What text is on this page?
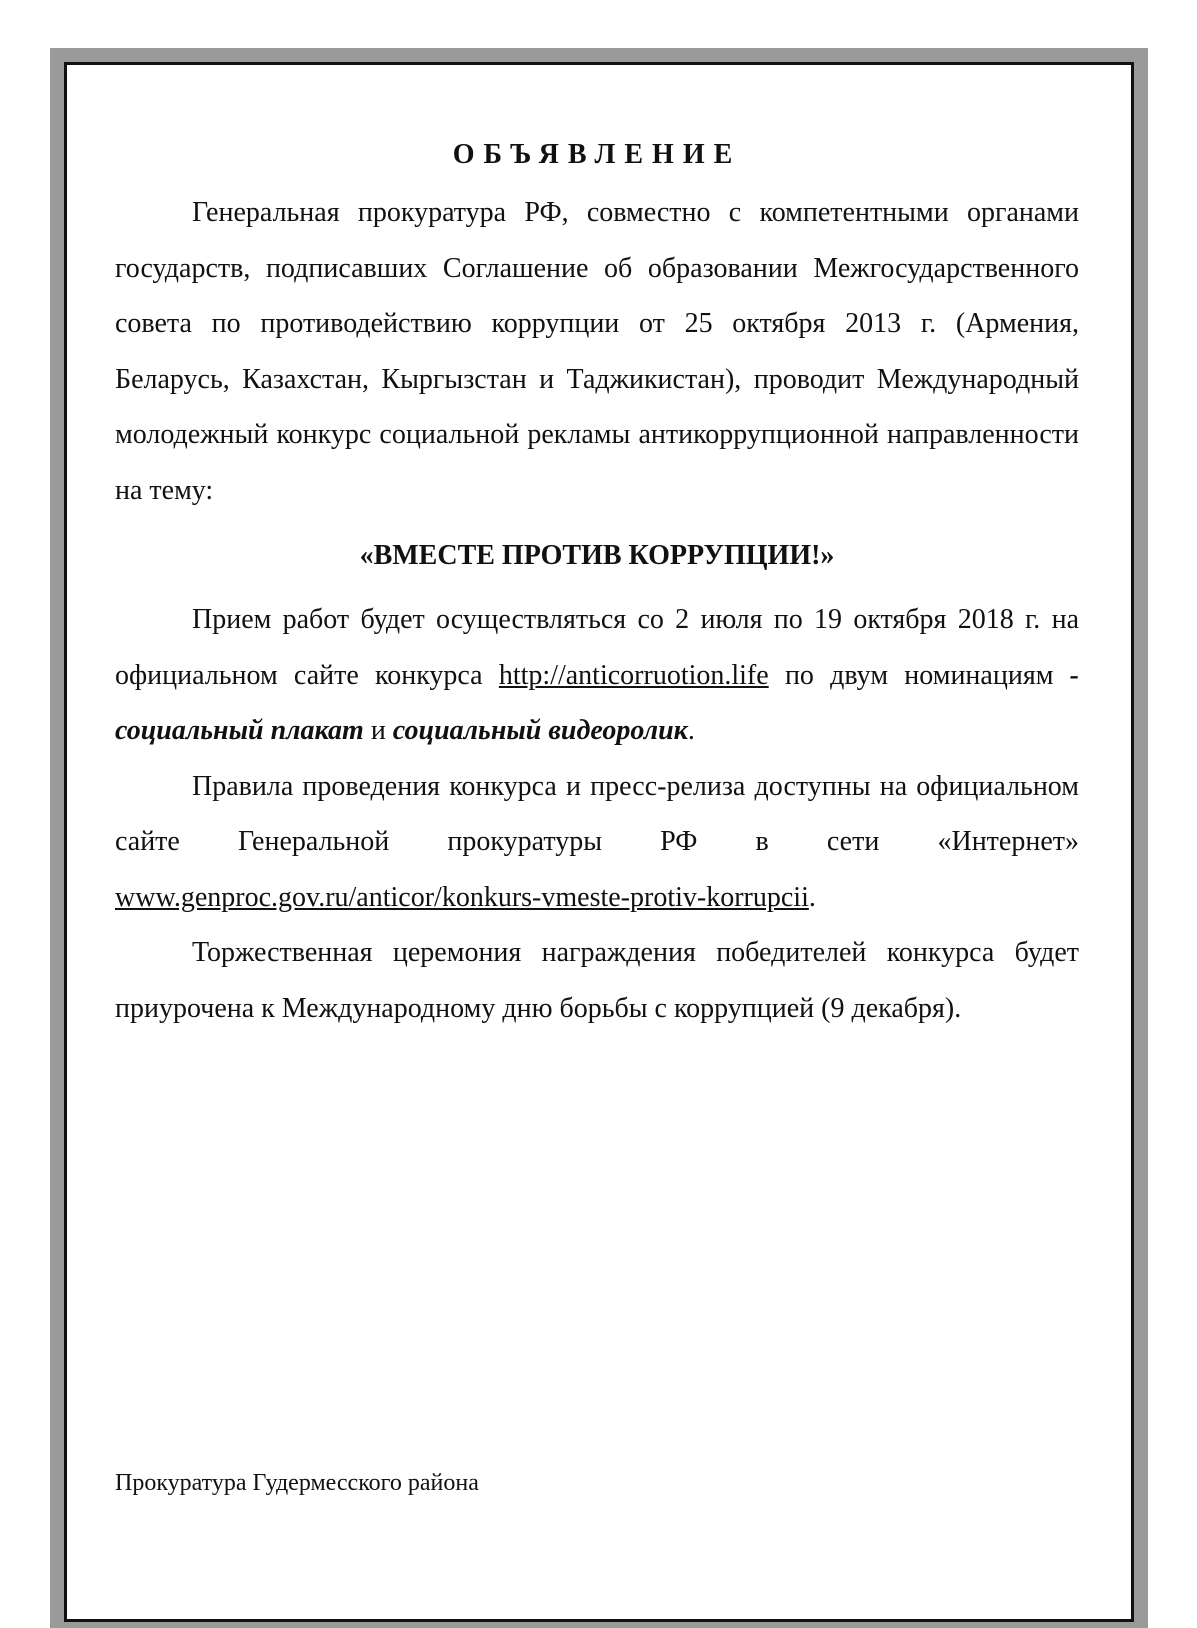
ОБЪЯВЛЕНИЕ

Генеральная прокуратура РФ, совместно с компетентными органами государств, подписавших Соглашение об образовании Межгосударственного совета по противодействию коррупции от 25 октября 2013 г. (Армения, Беларусь, Казахстан, Кыргызстан и Таджикистан), проводит Международный молодежный конкурс социальной рекламы антикоррупционной направленности на тему:

«ВМЕСТЕ ПРОТИВ КОРРУПЦИИ!»

Прием работ будет осуществляться со 2 июля по 19 октября 2018 г. на официальном сайте конкурса http://anticorruotion.life по двум номинациям - социальный плакат и социальный видеоролик.

Правила проведения конкурса и пресс-релиза доступны на официальном сайте Генеральной прокуратуры РФ в сети «Интернет» www.genproc.gov.ru/anticor/konkurs-vmeste-protiv-korrupcii.

Торжественная церемония награждения победителей конкурса будет приурочена к Международному дню борьбы с коррупцией (9 декабря).

Прокуратура Гудермесского района
